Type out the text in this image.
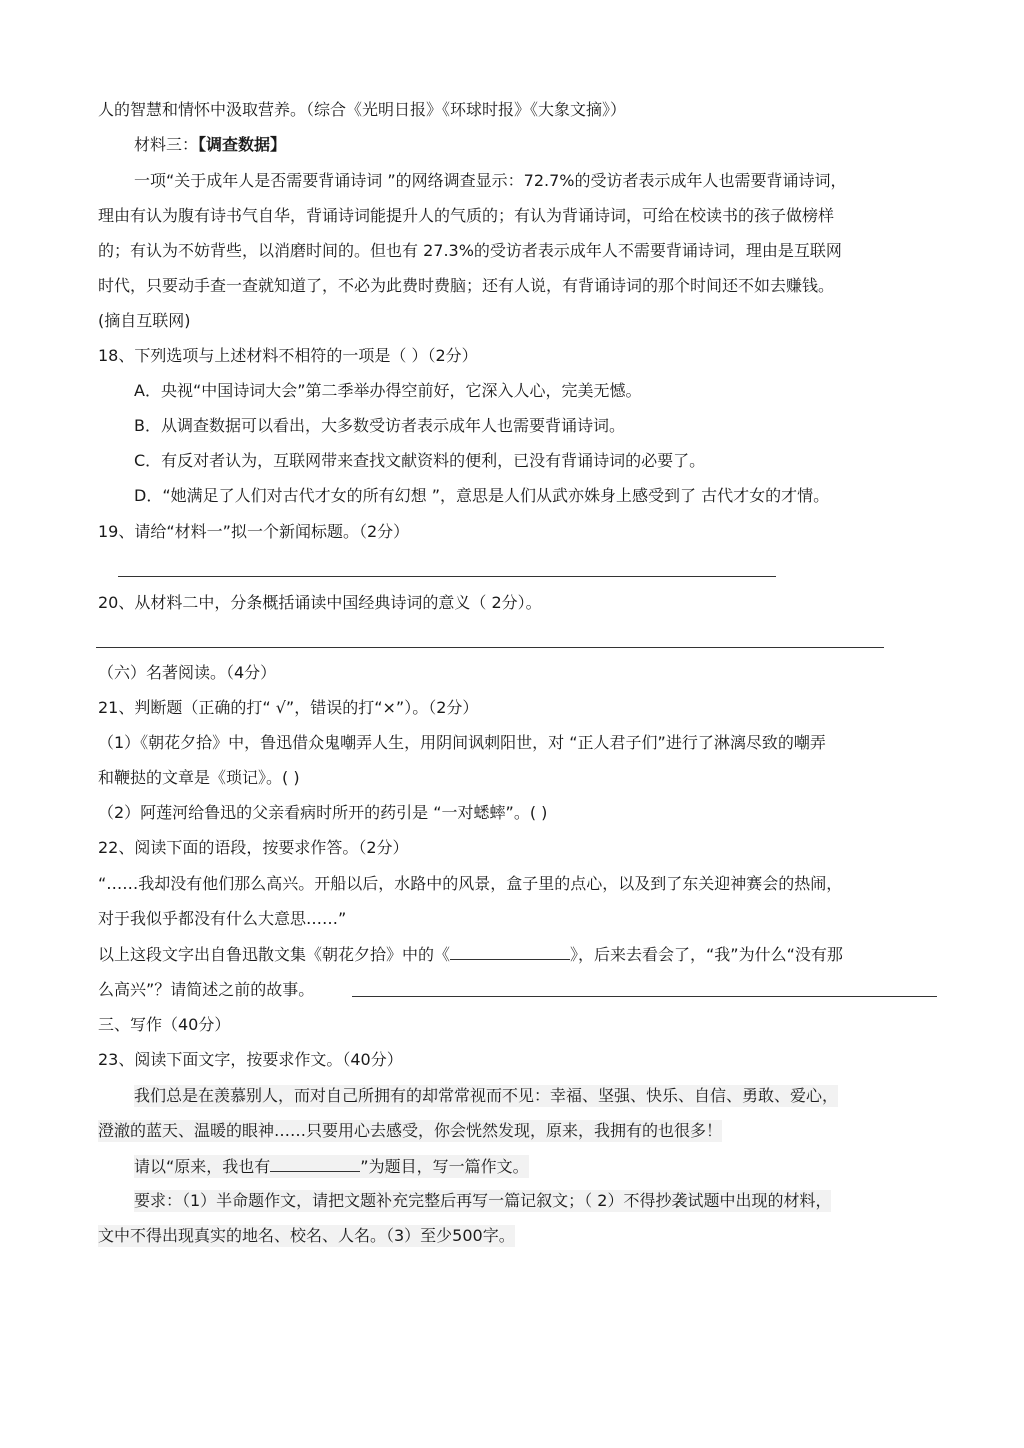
人的智慧和情怀中汲取营养。（综合《光明日报》《环球时报》《大象文摘》）
材料三：【调查数据】
一项“关于成年人是否需要背诵诗词 ”的网络调查显示：72.7%的受访者表示成年人也需要背诵诗词，
理由有认为腹有诗书气自华，背诵诗词能提升人的气质的；有认为背诵诗词，可给在校读书的孩子做榜样
的；有认为不妨背些，以消磨时间的。但也有 27.3%的受访者表示成年人不需要背诵诗词，理由是互联网
时代，只要动手查一查就知道了，不必为此费时费脑；还有人说，有背诵诗词的那个时间还不如去赚钱。
(摘自互联网)
18、下列选项与上述材料不相符的一项是（ ）（2分）
A．央视“中国诗词大会”第二季举办得空前好，它深入人心，完美无憾。
B．从调查数据可以看出，大多数受访者表示成年人也需要背诵诗词。
C．有反对者认为，互联网带来查找文献资料的便利，已没有背诵诗词的必要了。
D．“她满足了人们对古代才女的所有幻想 ”，意思是人们从武亦姝身上感受到了 古代才女的才情。
19、请给“材料一”拟一个新闻标题。（2分）
20、从材料二中，分条概括诵读中国经典诗词的意义（ 2分）。
（六）名著阅读。（4分）
21、判断题（正确的打“ √”，错误的打“×”）。（2分）
（1）《朝花夕拾》中，鲁迅借众鬼嘲弄人生，用阴间讽刺阳世，对 “正人君子们”进行了淋漓尽致的嘲弄
和鞭挞的文章是《琐记》。( )
（2）阿莲河给鲁迅的父亲看病时所开的药引是 “一对蟋蟀”。( )
22、阅读下面的语段，按要求作答。（2分）
“……我却没有他们那么高兴。开船以后，水路中的风景，盒子里的点心，以及到了东关迎神赛会的热闹，
对于我似乎都没有什么大意思……”
以上这段文字出自鲁迅散文集《朝花夕拾》中的《	》，后来去看会了，“我”为什么“没有那
么高兴”？请简述之前的故事。
三、写作（40分）
23、阅读下面文字，按要求作文。（40分）
我们总是在羡慕别人，而对自己所拥有的却常常视而不见：幸福、坚强、快乐、自信、勇敢、爱心，
澄澈的蓝天、温暖的眼神……只要用心去感受，你会恍然发现，原来，我拥有的也很多！
请以“原来，我也有	”为题目，写一篇作文。
要求：（1）半命题作文，请把文题补充完整后再写一篇记叙文；（ 2）不得抄袭试题中出现的材料，
文中不得出现真实的地名、校名、人名。（3）至少500字。
